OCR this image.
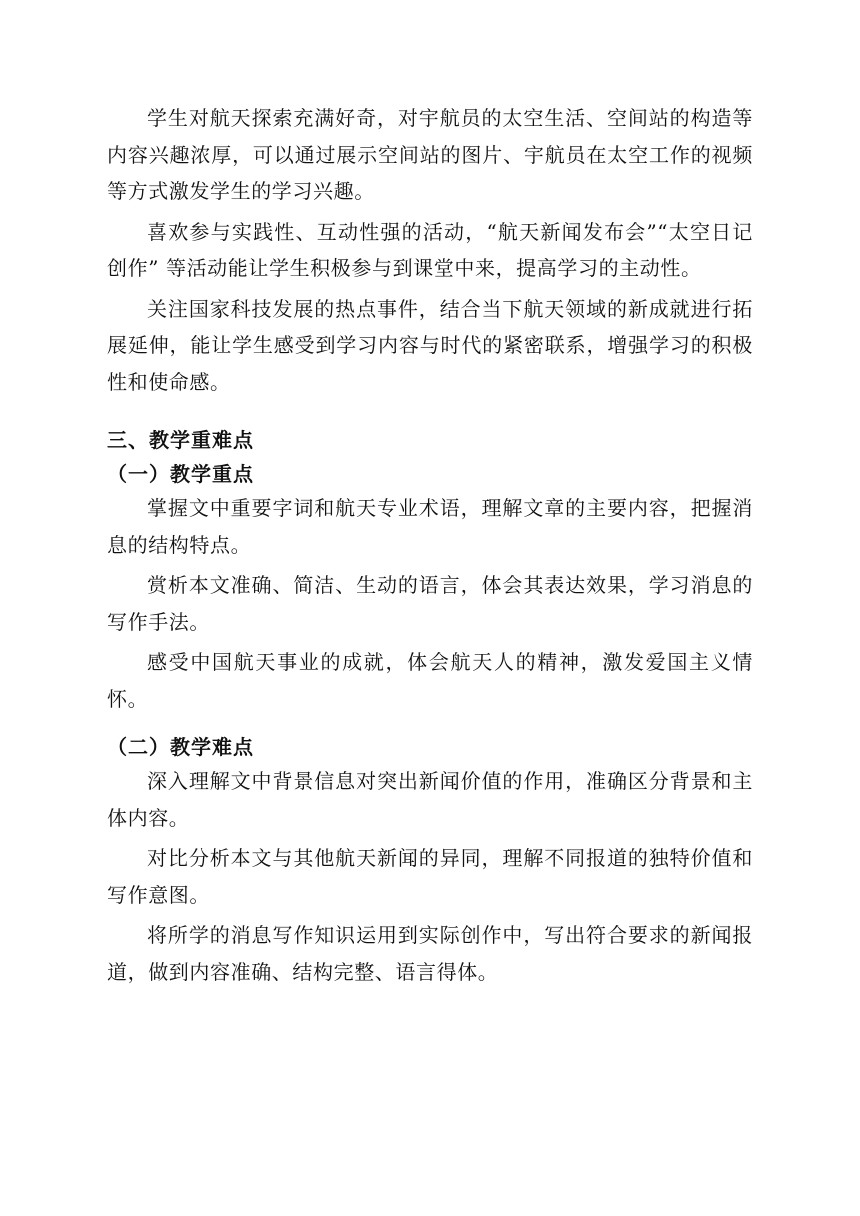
学生对航天探索充满好奇，对宇航员的太空生活、空间站的构造等内容兴趣浓厚，可以通过展示空间站的图片、宇航员在太空工作的视频等方式激发学生的学习兴趣。

喜欢参与实践性、互动性强的活动，“航天新闻发布会”“太空日记创作” 等活动能让学生积极参与到课堂中来，提高学习的主动性。

关注国家科技发展的热点事件，结合当下航天领域的新成就进行拓展延伸，能让学生感受到学习内容与时代的紧密联系，增强学习的积极性和使命感。

三、教学重难点
（一）教学重点

掌握文中重要字词和航天专业术语，理解文章的主要内容，把握消息的结构特点。

赏析本文准确、简洁、生动的语言，体会其表达效果，学习消息的写作手法。

感受中国航天事业的成就，体会航天人的精神，激发爱国主义情怀。

（二）教学难点

深入理解文中背景信息对突出新闻价值的作用，准确区分背景和主体内容。

对比分析本文与其他航天新闻的异同，理解不同报道的独特价值和写作意图。

将所学的消息写作知识运用到实际创作中，写出符合要求的新闻报道，做到内容准确、结构完整、语言得体。
